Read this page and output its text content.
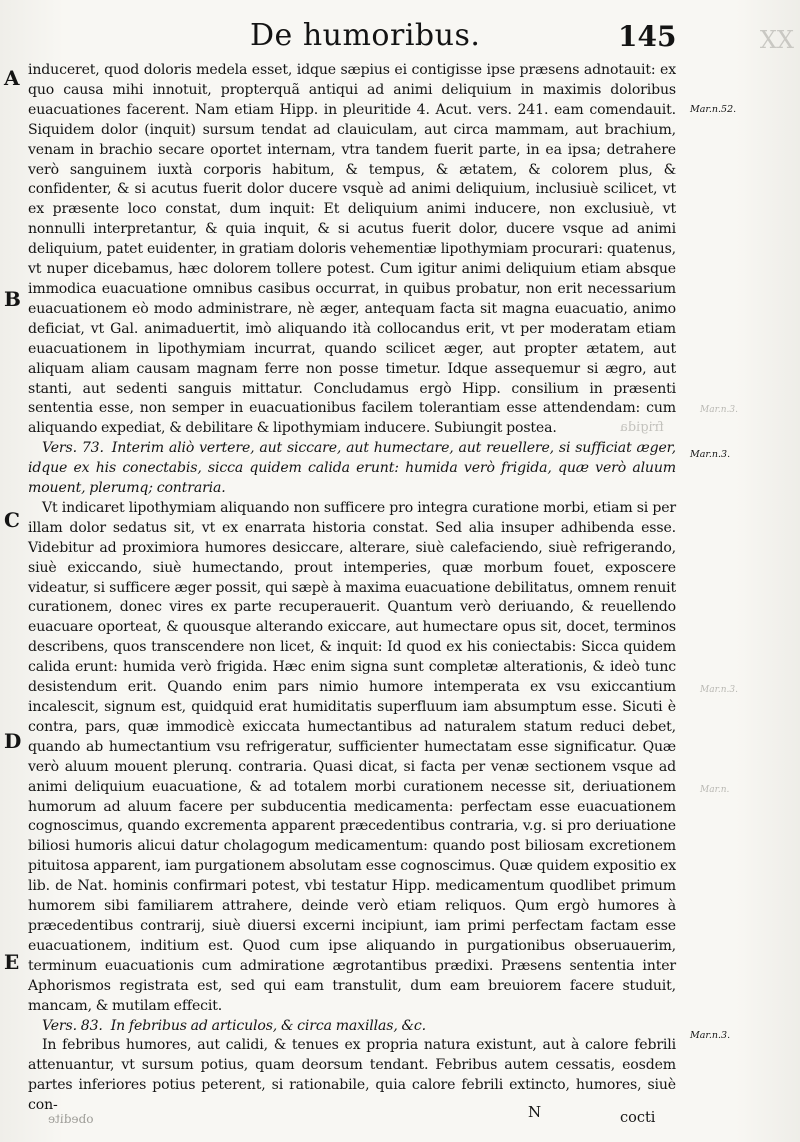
De humoribus.	145	XX
A
B
C
D
E
Mar.n.52.
Mar.n.3.
Mar.n.3.
Mar.n.3.
Mar.n.3.
Mar.n.
frigida

induceret, quod doloris medela esset, idque sæpius ei contigisse ipse præsens adnotauit: ex quo causa mihi innotuit, propterquã antiqui ad animi deliquium in maximis doloribus euacuationes facerent. Nam etiam Hipp. in pleuritide 4. Acut. vers. 241. eam comendauit. Siquidem dolor (inquit) sursum tendat ad clauiculam, aut circa mammam, aut brachium, venam in brachio secare oportet internam, vtra tandem fuerit parte, in ea ipsa; detrahere verò sanguinem iuxtà corporis habitum, & tempus, & ætatem, & colorem plus, & confidenter, & si acutus fuerit dolor ducere vsquè ad animi deliquium, inclusiuè scilicet, vt ex præsente loco constat, dum inquit: Et deliquium animi inducere, non exclusiuè, vt nonnulli interpretantur, & quia inquit, & si acutus fuerit dolor, ducere vsque ad animi deliquium, patet euidenter, in gratiam doloris vehementiæ lipothymiam procurari: quatenus, vt nuper dicebamus, hæc dolorem tollere potest. Cum igitur animi deliquium etiam absque immodica euacuatione omnibus casibus occurrat, in quibus probatur, non erit necessarium euacuationem eò modo administrare, nè æger, antequam facta sit magna euacuatio, animo deficiat, vt Gal. animaduertit, imò aliquando ità collocandus erit, vt per moderatam etiam euacuationem in lipothymiam incurrat, quando scilicet æger, aut propter ætatem, aut aliquam aliam causam magnam ferre non posse timetur. Idque assequemur si ægro, aut stanti, aut sedenti sanguis mittatur. Concludamus ergò Hipp. consilium in præsenti sententia esse, non semper in euacuationibus facilem tolerantiam esse attendendam: cum aliquando expediat, & debilitare & lipothymiam inducere. Subiungit postea.

Vers. 73. Interim aliò vertere, aut siccare, aut humectare, aut reuellere, si sufficiat æger, idque ex his conectabis, sicca quidem calida erunt: humida verò frigida, quæ verò aluum mouent, plerumq; contraria.

Vt indicaret lipothymiam aliquando non sufficere pro integra curatione morbi, etiam si per illam dolor sedatus sit, vt ex enarrata historia constat. Sed alia insuper adhibenda esse. Videbitur ad proximiora humores desiccare, alterare, siuè calefaciendo, siuè refrigerando, siuè exiccando, siuè humectando, prout intemperies, quæ morbum fouet, exposcere videatur, si sufficere æger possit, qui sæpè à maxima euacuatione debilitatus, omnem renuit curationem, donec vires ex parte recuperauerit. Quantum verò deriuando, & reuellendo euacuare oporteat, & quousque alterando exiccare, aut humectare opus sit, docet, terminos describens, quos transcendere non licet, & inquit: Id quod ex his coniectabis: Sicca quidem calida erunt: humida verò frigida. Hæc enim signa sunt completæ alterationis, & ideò tunc desistendum erit. Quando enim pars nimio humore intemperata ex vsu exiccantium incalescit, signum est, quidquid erat humiditatis superfluum iam absumptum esse. Sicuti è contra, pars, quæ immodicè exiccata humectantibus ad naturalem statum reduci debet, quando ab humectantium vsu refrigeratur, sufficienter humectatam esse significatur. Quæ verò aluum mouent plerunq. contraria. Quasi dicat, si facta per venæ sectionem vsque ad animi deliquium euacuatione, & ad totalem morbi curationem necesse sit, deriuationem humorum ad aluum facere per subducentia medicamenta: perfectam esse euacuationem cognoscimus, quando excrementa apparent præcedentibus contraria, v.g. si pro deriuatione biliosi humoris alicui datur cholagogum medicamentum: quando post biliosam excretionem pituitosa apparent, iam purgationem absolutam esse cognoscimus. Quæ quidem expositio ex lib. de Nat. hominis confirmari potest, vbi testatur Hipp. medicamentum quodlibet primum humorem sibi familiarem attrahere, deinde verò etiam reliquos. Qum ergò humores à præcedentibus contrarij, siuè diuersi excerni incipiunt, iam primi perfectam factam esse euacuationem, inditium est. Quod cum ipse aliquando in purgationibus obseruauerim, terminum euacuationis cum admiratione ægrotantibus prædixi. Præsens sententia inter Aphorismos registrata est, sed qui eam transtulit, dum eam breuiorem facere studuit, mancam, & mutilam effecit.

Vers. 83. In febribus ad articulos, & circa maxillas, &c.

In febribus humores, aut calidi, & tenues ex propria natura existunt, aut à calore febrili attenuantur, vt sursum potius, quam deorsum tendant. Febribus autem cessatis, eosdem partes inferiores potius peterent, si rationabile, quia calore febrili extincto, humores, siuè con-	N	cocti
obedite
